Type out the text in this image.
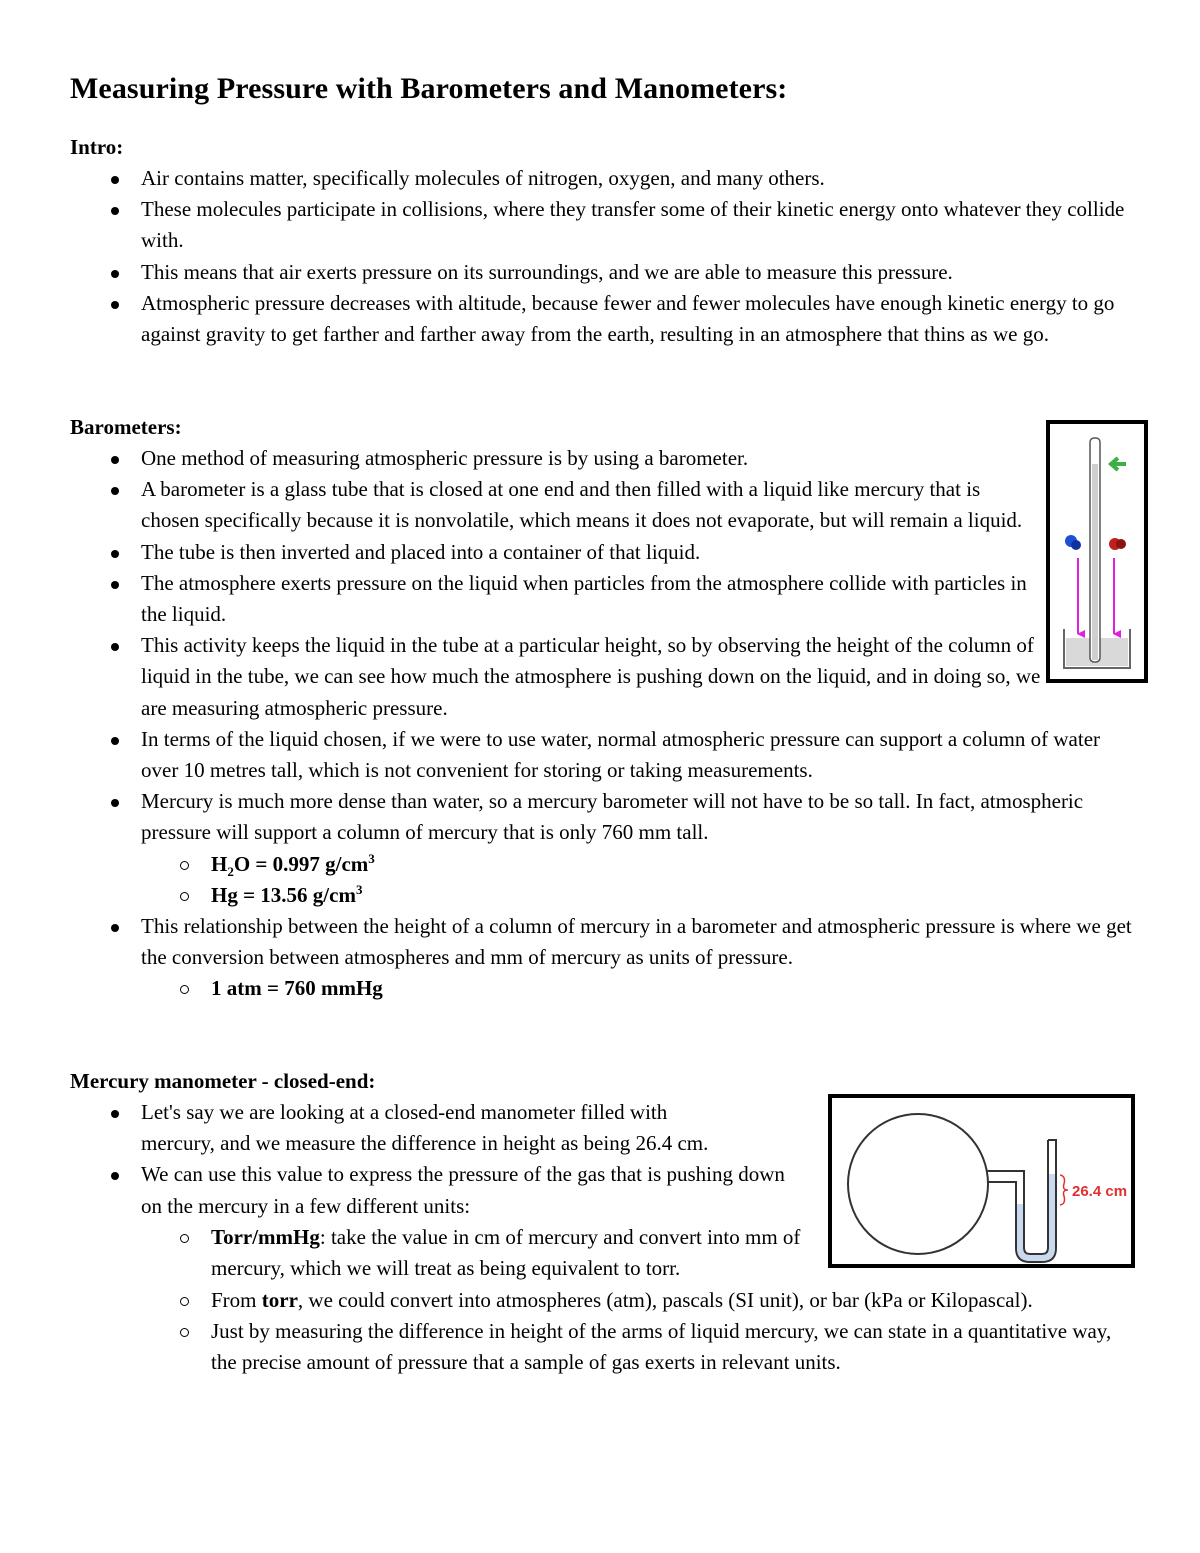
Measuring Pressure with Barometers and Manometers:
Intro:
Air contains matter, specifically molecules of nitrogen, oxygen, and many others.
These molecules participate in collisions, where they transfer some of their kinetic energy onto whatever they collide with.
This means that air exerts pressure on its surroundings, and we are able to measure this pressure.
Atmospheric pressure decreases with altitude, because fewer and fewer molecules have enough kinetic energy to go against gravity to get farther and farther away from the earth, resulting in an atmosphere that thins as we go.
Barometers:
One method of measuring atmospheric pressure is by using a barometer.
A barometer is a glass tube that is closed at one end and then filled with a liquid like mercury that is chosen specifically because it is nonvolatile, which means it does not evaporate, but will remain a liquid.
The tube is then inverted and placed into a container of that liquid.
The atmosphere exerts pressure on the liquid when particles from the atmosphere collide with particles in the liquid.
This activity keeps the liquid in the tube at a particular height, so by observing the height of the column of liquid in the tube, we can see how much the atmosphere is pushing down on the liquid, and in doing so, we are measuring atmospheric pressure.
In terms of the liquid chosen, if we were to use water, normal atmospheric pressure can support a column of water over 10 metres tall, which is not convenient for storing or taking measurements.
Mercury is much more dense than water, so a mercury barometer will not have to be so tall. In fact, atmospheric pressure will support a column of mercury that is only 760 mm tall.
$H_2O = 0.997$ $g/cm^3$
Hg = 13.56 $g/cm^3$
This relationship between the height of a column of mercury in a barometer and atmospheric pressure is where we get the conversion between atmospheres and mm of mercury as units of pressure.
1 atm = 760 mmHg
Mercury manometer - closed-end:
26.4 cm
Let's say we are looking at a closed-end manometer filled with mercury, and we measure the difference in height as being 26.4 cm.
We can use this value to express the pressure of the gas that is pushing down on the mercury in a few different units:
Torr/mmHg: take the value in cm of mercury and convert into mm of mercury, which we will treat as being equivalent to torr.
From torr, we could convert into atmospheres (atm), pascals (SI unit), or bar (kPa or Kilopascal).
Just by measuring the difference in height of the arms of liquid mercury, we can state in a quantitative way, the precise amount of pressure that a sample of gas exerts in relevant units.
